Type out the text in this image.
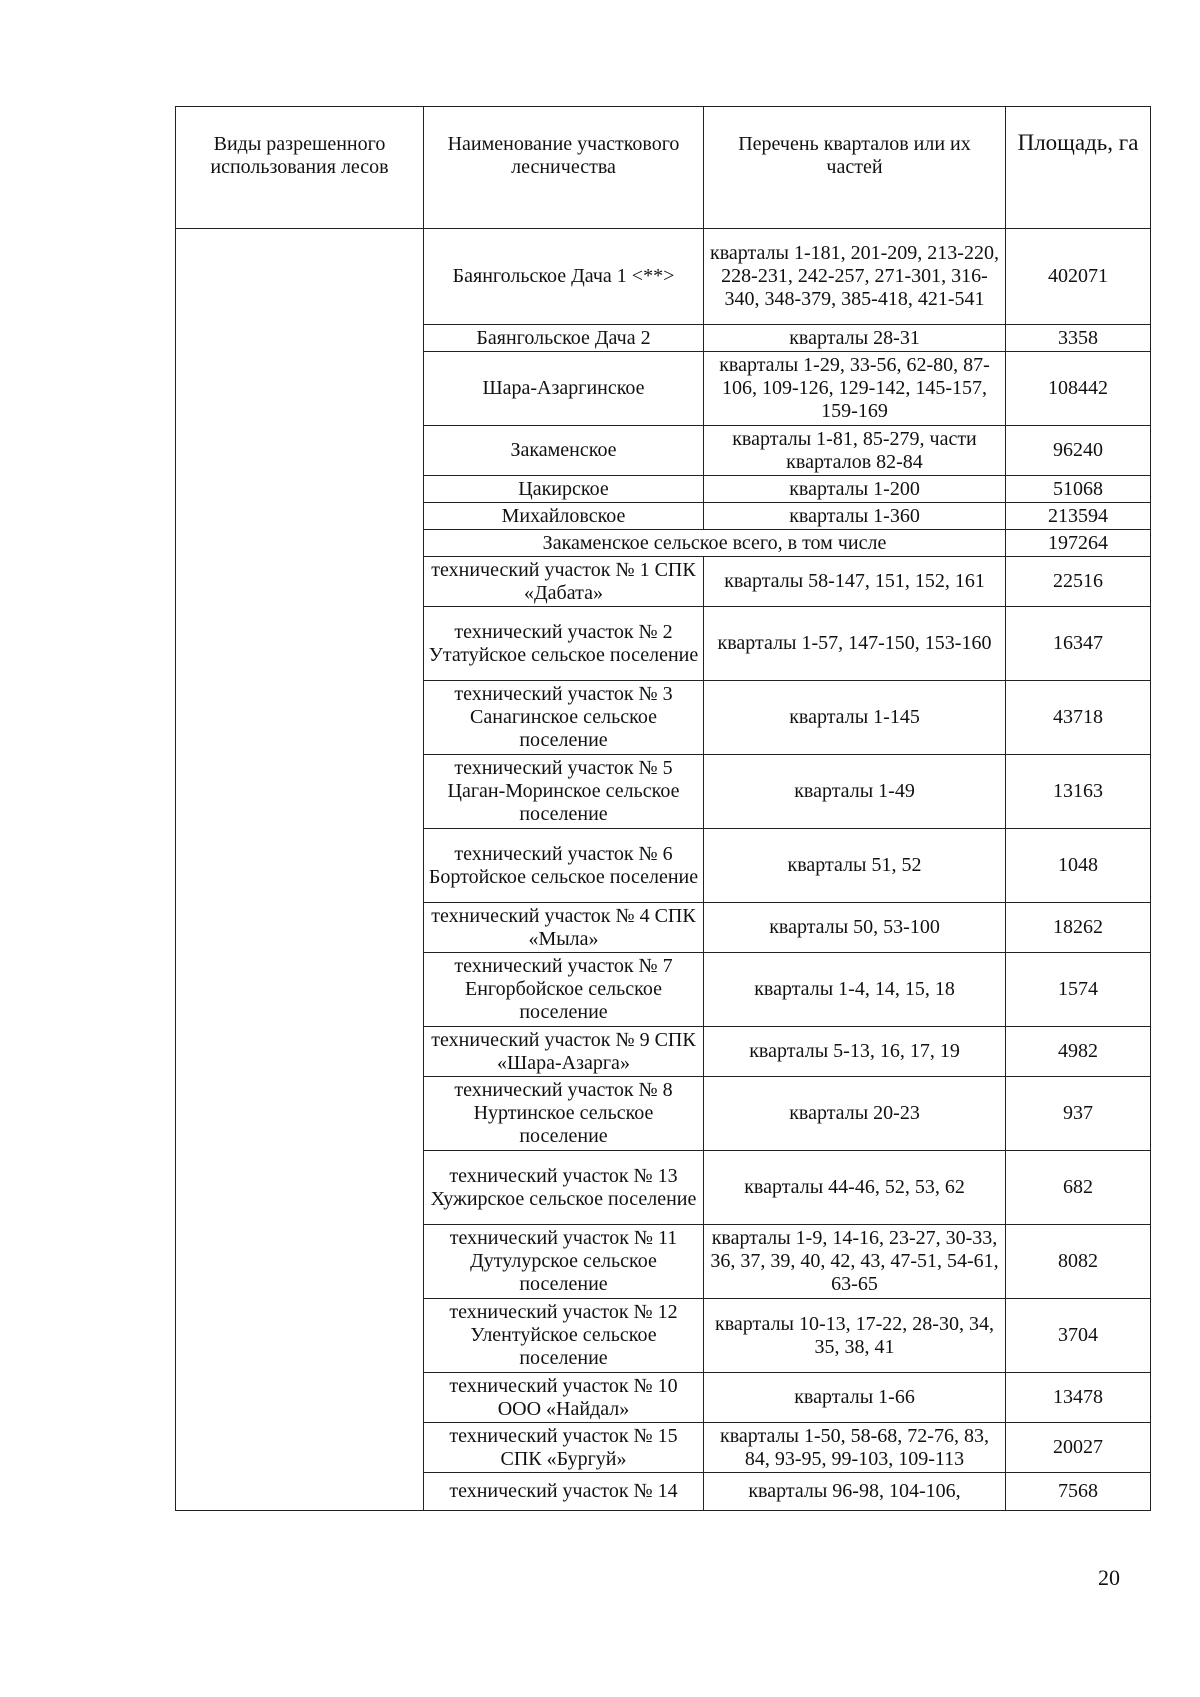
Виды разрешенного использования лесов	Наименование участкового лесничества	Перечень кварталов или их частей	Площадь, га
	Баянгольское Дача 1 <**>	кварталы 1-181, 201-209, 213-220, 228-231, 242-257, 271-301, 316-340, 348-379, 385-418, 421-541	402071
	Баянгольское Дача 2	кварталы 28-31	3358
	Шара-Азаргинское	кварталы 1-29, 33-56, 62-80, 87-106, 109-126, 129-142, 145-157, 159-169	108442
	Закаменское	кварталы 1-81, 85-279, части кварталов 82-84	96240
	Цакирское	кварталы 1-200	51068
	Михайловское	кварталы 1-360	213594
	Закаменское сельское всего, в том числе		197264
	технический участок № 1 СПК «Дабата»	кварталы 58-147, 151, 152, 161	22516
	технический участок № 2 Утатуйское сельское поселение	кварталы 1-57, 147-150, 153-160	16347
	технический участок № 3 Санагинское сельское поселение	кварталы 1-145	43718
	технический участок № 5 Цаган-Моринское сельское поселение	кварталы 1-49	13163
	технический участок № 6 Бортойское сельское поселение	кварталы 51, 52	1048
	технический участок № 4 СПК «Мыла»	кварталы 50, 53-100	18262
	технический участок № 7 Енгорбойское сельское поселение	кварталы 1-4, 14, 15, 18	1574
	технический участок № 9 СПК «Шара-Азарга»	кварталы 5-13, 16, 17, 19	4982
	технический участок № 8 Нуртинское сельское поселение	кварталы 20-23	937
	технический участок № 13 Хужирское сельское поселение	кварталы 44-46, 52, 53, 62	682
	технический участок № 11 Дутулурское сельское поселение	кварталы 1-9, 14-16, 23-27, 30-33, 36, 37, 39, 40, 42, 43, 47-51, 54-61, 63-65	8082
	технический участок № 12 Улентуйское сельское поселение	кварталы 10-13, 17-22, 28-30, 34, 35, 38, 41	3704
	технический участок № 10 ООО «Найдал»	кварталы 1-66	13478
	технический участок № 15 СПК «Бургуй»	кварталы 1-50, 58-68, 72-76, 83, 84, 93-95, 99-103, 109-113	20027
	технический участок № 14	кварталы 96-98, 104-106,	7568
20
